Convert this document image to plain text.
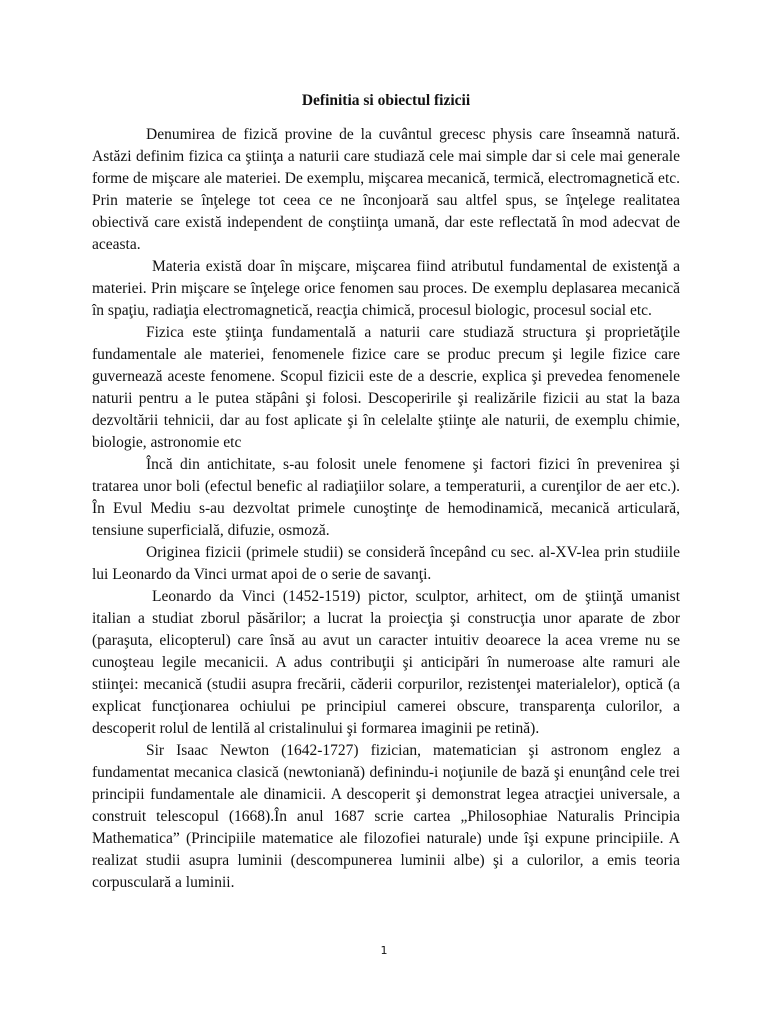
Definitia si obiectul fizicii

Denumirea de fizică provine de la cuvântul grecesc physis care înseamnă natură. Astăzi definim fizica ca ştiinţa a naturii care studiază cele mai simple dar si cele mai generale forme de mişcare ale materiei. De exemplu, mişcarea mecanică, termică, electromagnetică etc. Prin materie se înţelege tot ceea ce ne înconjoară sau altfel spus, se înţelege realitatea obiectivă care există independent de conştiinţa umană, dar este reflectată în mod adecvat de aceasta.

Materia există doar în mişcare, mişcarea fiind atributul fundamental de existenţă a materiei. Prin mişcare se înţelege orice fenomen sau proces. De exemplu deplasarea mecanică în spaţiu, radiaţia electromagnetică, reacţia chimică, procesul biologic, procesul social etc.

Fizica este ştiinţa fundamentală a naturii care studiază structura şi proprietăţile fundamentale ale materiei, fenomenele fizice care se produc precum şi legile fizice care guvernează aceste fenomene. Scopul fizicii este de a descrie, explica şi prevedea fenomenele naturii pentru a le putea stăpâni şi folosi. Descoperirile şi realizările fizicii au stat la baza dezvoltării tehnicii, dar au fost aplicate şi în celelalte ştiinţe ale naturii, de exemplu chimie, biologie, astronomie etc

Încă din antichitate, s-au folosit unele fenomene şi factori fizici în prevenirea şi tratarea unor boli (efectul benefic al radiaţiilor solare, a temperaturii, a curenţilor de aer etc.). În Evul Mediu s-au dezvoltat primele cunoştinţe de hemodinamică, mecanică articulară, tensiune superficială, difuzie, osmoză.

Originea fizicii (primele studii) se consideră începând cu sec. al-XV-lea prin studiile lui Leonardo da Vinci urmat apoi de o serie de savanţi.

Leonardo da Vinci (1452-1519) pictor, sculptor, arhitect, om de ştiinţă umanist italian a studiat zborul păsărilor; a lucrat la proiecţia şi construcţia unor aparate de zbor (paraşuta, elicopterul) care însă au avut un caracter intuitiv deoarece la acea vreme nu se cunoşteau legile mecanicii. A adus contribuţii şi anticipări în numeroase alte ramuri ale stiinţei: mecanică (studii asupra frecării, căderii corpurilor, rezistenţei materialelor), optică (a explicat funcţionarea ochiului pe principiul camerei obscure, transparenţa culorilor, a descoperit rolul de lentilă al cristalinului şi formarea imaginii pe retină).

Sir Isaac Newton (1642-1727) fizician, matematician şi astronom englez a fundamentat mecanica clasică (newtoniană) definindu-i noţiunile de bază şi enunţând cele trei principii fundamentale ale dinamicii. A descoperit şi demonstrat legea atracţiei universale, a construit telescopul (1668).În anul 1687 scrie cartea „Philosophiae Naturalis Principia Mathematica” (Principiile matematice ale filozofiei naturale) unde îşi expune principiile. A realizat studii asupra luminii (descompunerea luminii albe) şi a culorilor, a emis teoria corpusculară a luminii.

1
